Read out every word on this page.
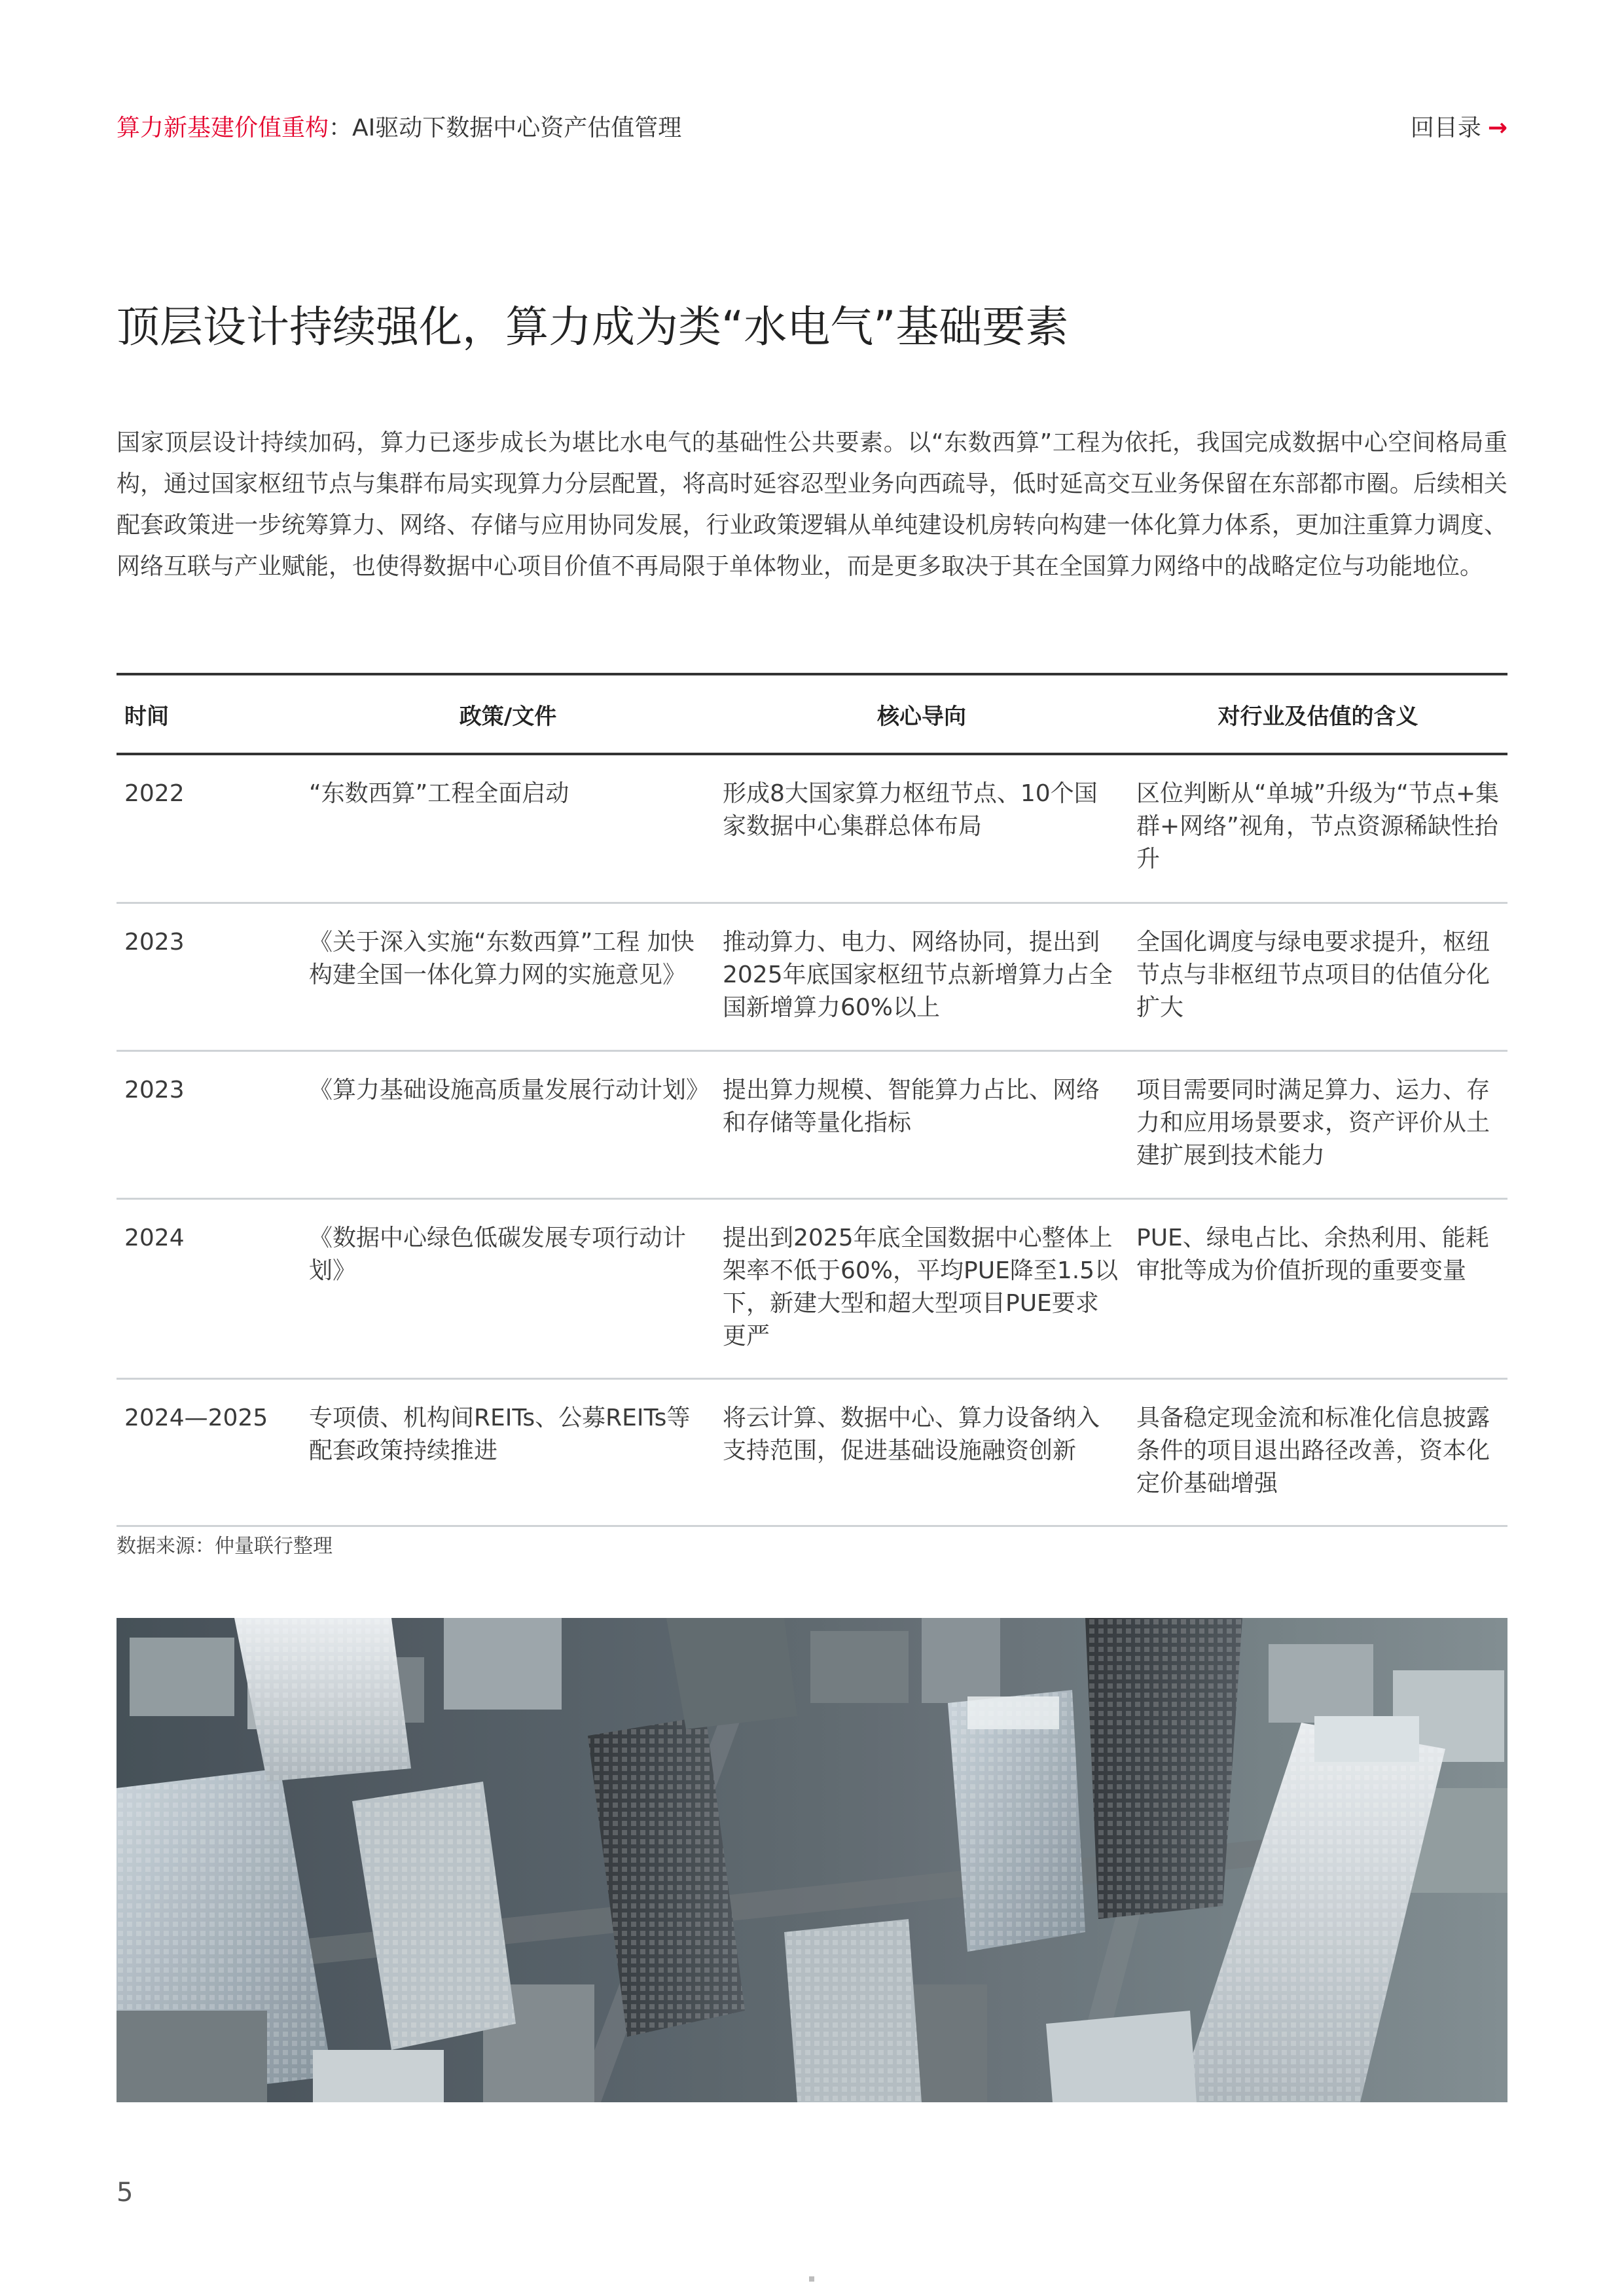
算力新基建价值重构：AI驱动下数据中心资产估值管理	回目录 →
顶层设计持续强化，算力成为类“水电气”基础要素

国家顶层设计持续加码，算力已逐步成长为堪比水电气的基础性公共要素。以“东数西算”工程为依托，我国完成数据中心空间格局重构，通过国家枢纽节点与集群布局实现算力分层配置，将高时延容忍型业务向西疏导，低时延高交互业务保留在东部都市圈。后续相关配套政策进一步统筹算力、网络、存储与应用协同发展，行业政策逻辑从单纯建设机房转向构建一体化算力体系，更加注重算力调度、网络互联与产业赋能，也使得数据中心项目价值不再局限于单体物业，而是更多取决于其在全国算力网络中的战略定位与功能地位。

时间	政策/文件	核心导向	对行业及估值的含义
2022	“东数西算”工程全面启动	形成8大国家算力枢纽节点、10个国家数据中心集群总体布局	区位判断从“单城”升级为“节点+集群+网络”视角，节点资源稀缺性抬升
2023	《关于深入实施“东数西算”工程 加快构建全国一体化算力网的实施意见》	推动算力、电力、网络协同，提出到2025年底国家枢纽节点新增算力占全国新增算力60%以上	全国化调度与绿电要求提升，枢纽节点与非枢纽节点项目的估值分化扩大
2023	《算力基础设施高质量发展行动计划》	提出算力规模、智能算力占比、网络和存储等量化指标	项目需要同时满足算力、运力、存力和应用场景要求，资产评价从土建扩展到技术能力
2024	《数据中心绿色低碳发展专项行动计划》	提出到2025年底全国数据中心整体上架率不低于60%，平均PUE降至1.5以下，新建大型和超大型项目PUE要求更严	PUE、绿电占比、余热利用、能耗审批等成为价值折现的重要变量
2024—2025	专项债、机构间REITs、公募REITs等配套政策持续推进	将云计算、数据中心、算力设备纳入支持范围，促进基础设施融资创新	具备稳定现金流和标准化信息披露条件的项目退出路径改善，资本化定价基础增强
数据来源：仲量联行整理
5
